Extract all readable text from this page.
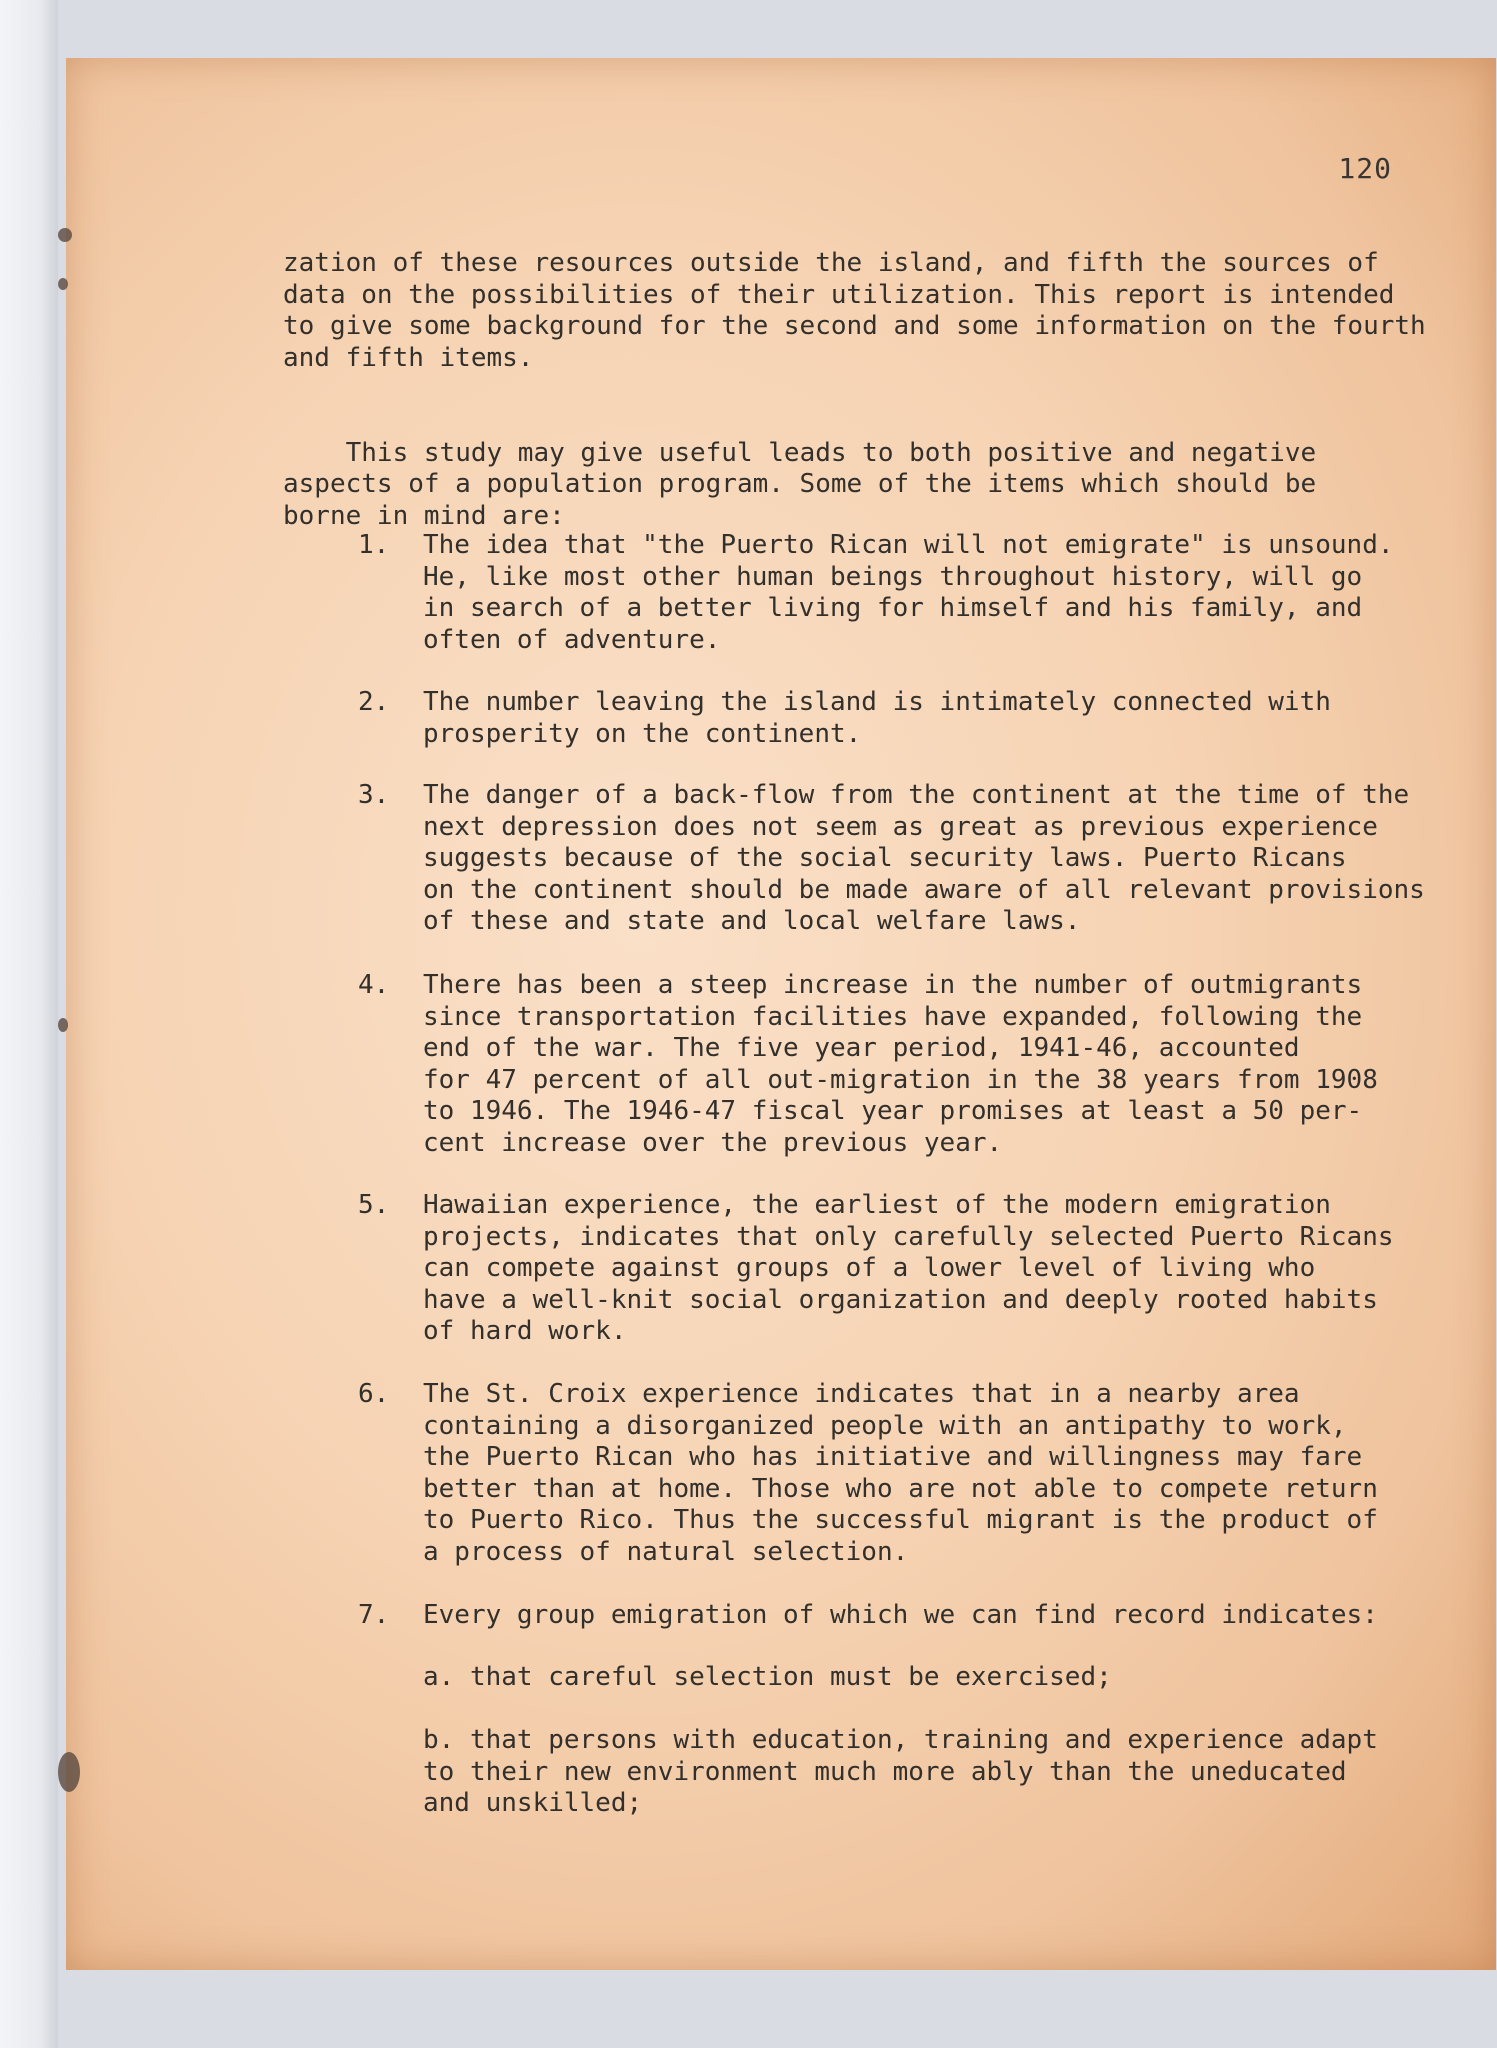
120
zation of these resources outside the island, and fifth the sources of
data on the possibilities of their utilization. This report is intended
to give some background for the second and some information on the fourth
and fifth items.

This study may give useful leads to both positive and negative
aspects of a population program. Some of the items which should be
borne in mind are:

1. The idea that "the Puerto Rican will not emigrate" is unsound.
He, like most other human beings throughout history, will go
in search of a better living for himself and his family, and
often of adventure.
2. The number leaving the island is intimately connected with
prosperity on the continent.
3. The danger of a back-flow from the continent at the time of the
next depression does not seem as great as previous experience
suggests because of the social security laws. Puerto Ricans
on the continent should be made aware of all relevant provisions
of these and state and local welfare laws.
4. There has been a steep increase in the number of outmigrants
since transportation facilities have expanded, following the
end of the war. The five year period, 1941-46, accounted
for 47 percent of all out-migration in the 38 years from 1908
to 1946. The 1946-47 fiscal year promises at least a 50 per-
cent increase over the previous year.
5. Hawaiian experience, the earliest of the modern emigration
projects, indicates that only carefully selected Puerto Ricans
can compete against groups of a lower level of living who
have a well-knit social organization and deeply rooted habits
of hard work.
6. The St. Croix experience indicates that in a nearby area
containing a disorganized people with an antipathy to work,
the Puerto Rican who has initiative and willingness may fare
better than at home. Those who are not able to compete return
to Puerto Rico. Thus the successful migrant is the product of
a process of natural selection.
7. Every group emigration of which we can find record indicates:
a. that careful selection must be exercised;
b. that persons with education, training and experience adapt
to their new environment much more ably than the uneducated
and unskilled;
